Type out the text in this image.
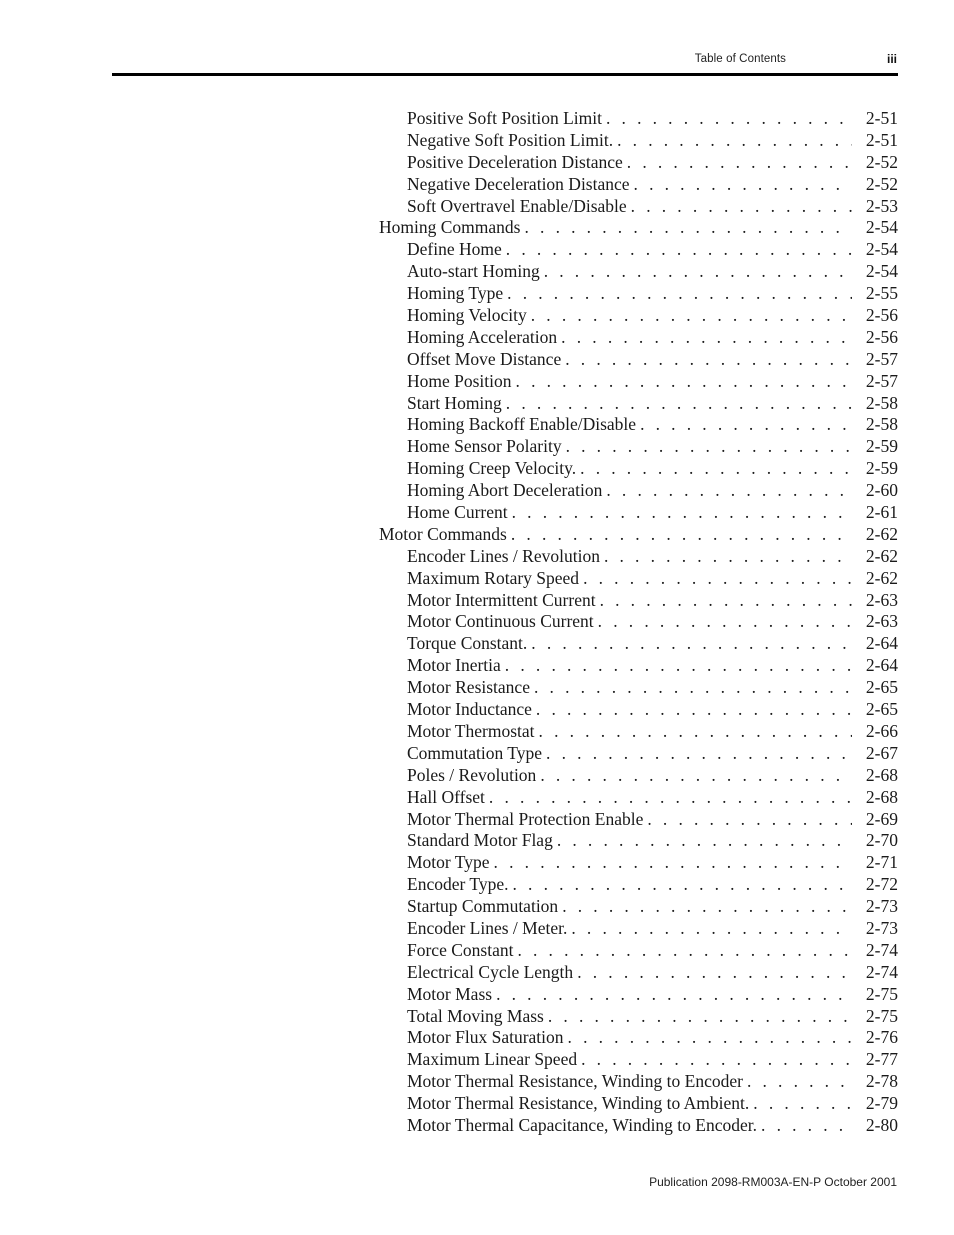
Table of Contents	iii
Positive Soft Position Limit . . .	2-51
Negative Soft Position Limit. . . .	2-51
Positive Deceleration Distance . . .	2-52
Negative Deceleration Distance . . .	2-52
Soft Overtravel Enable/Disable . . .	2-53
Homing Commands . . .	2-54
Define Home . . .	2-54
Auto-start Homing . . .	2-54
Homing Type . . .	2-55
Homing Velocity . . .	2-56
Homing Acceleration . . .	2-56
Offset Move Distance . . .	2-57
Home Position . . .	2-57
Start Homing . . .	2-58
Homing Backoff Enable/Disable . . .	2-58
Home Sensor Polarity . . .	2-59
Homing Creep Velocity. . . .	2-59
Homing Abort Deceleration . . .	2-60
Home Current . . .	2-61
Motor Commands . . .	2-62
Encoder Lines / Revolution . . .	2-62
Maximum Rotary Speed . . .	2-62
Motor Intermittent Current . . .	2-63
Motor Continuous Current . . .	2-63
Torque Constant. . . .	2-64
Motor Inertia . . .	2-64
Motor Resistance . . .	2-65
Motor Inductance . . .	2-65
Motor Thermostat . . .	2-66
Commutation Type . . .	2-67
Poles / Revolution . . .	2-68
Hall Offset . . .	2-68
Motor Thermal Protection Enable . . .	2-69
Standard Motor Flag . . .	2-70
Motor Type . . .	2-71
Encoder Type. . . .	2-72
Startup Commutation . . .	2-73
Encoder Lines / Meter. . . .	2-73
Force Constant . . .	2-74
Electrical Cycle Length . . .	2-74
Motor Mass . . .	2-75
Total Moving Mass . . .	2-75
Motor Flux Saturation . . .	2-76
Maximum Linear Speed . . .	2-77
Motor Thermal Resistance, Winding to Encoder . . .	2-78
Motor Thermal Resistance, Winding to Ambient. . . .	2-79
Motor Thermal Capacitance, Winding to Encoder. . . .	2-80
Publication 2098-RM003A-EN-P October 2001
